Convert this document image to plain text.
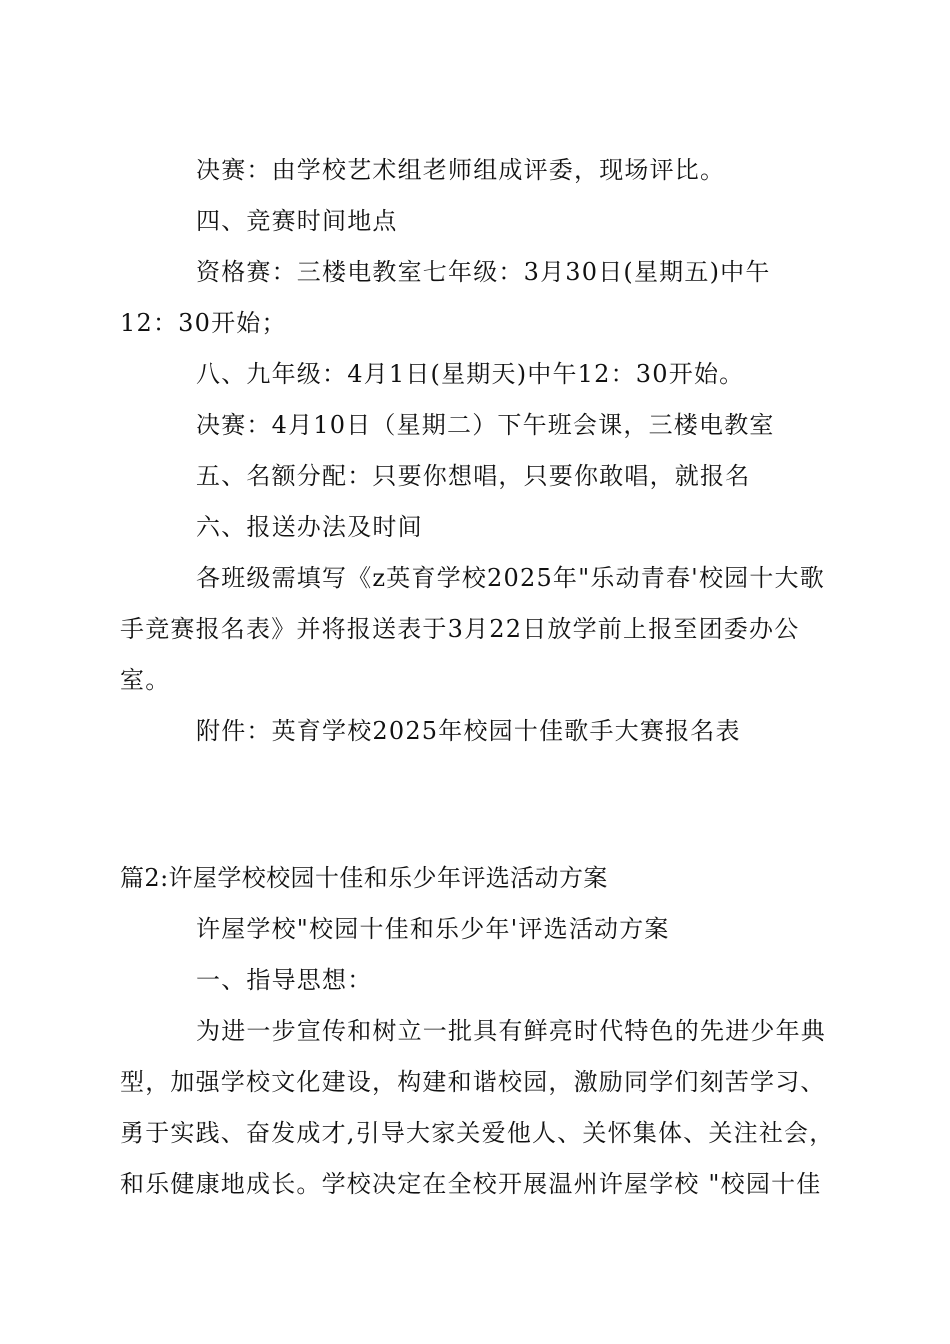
决赛：由学校艺术组老师组成评委，现场评比。
四、竞赛时间地点
资格赛：三楼电教室七年级：3月30日(星期五)中午
12：30开始；
八、九年级：4月1日(星期天)中午12：30开始。
决赛：4月10日（星期二）下午班会课，三楼电教室
五、名额分配：只要你想唱，只要你敢唱，就报名
六、报送办法及时间
各班级需填写《z英育学校2025年"乐动青春'校园十大歌
手竞赛报名表》并将报送表于3月22日放学前上报至团委办公
室。
附件：英育学校2025年校园十佳歌手大赛报名表
篇2:许屋学校校园十佳和乐少年评选活动方案
许屋学校"校园十佳和乐少年'评选活动方案
一、指导思想：
为进一步宣传和树立一批具有鲜亮时代特色的先进少年典
型，加强学校文化建设，构建和谐校园，激励同学们刻苦学习、
勇于实践、奋发成才,引导大家关爱他人、关怀集体、关注社会，
和乐健康地成长。学校决定在全校开展温州许屋学校 "校园十佳
